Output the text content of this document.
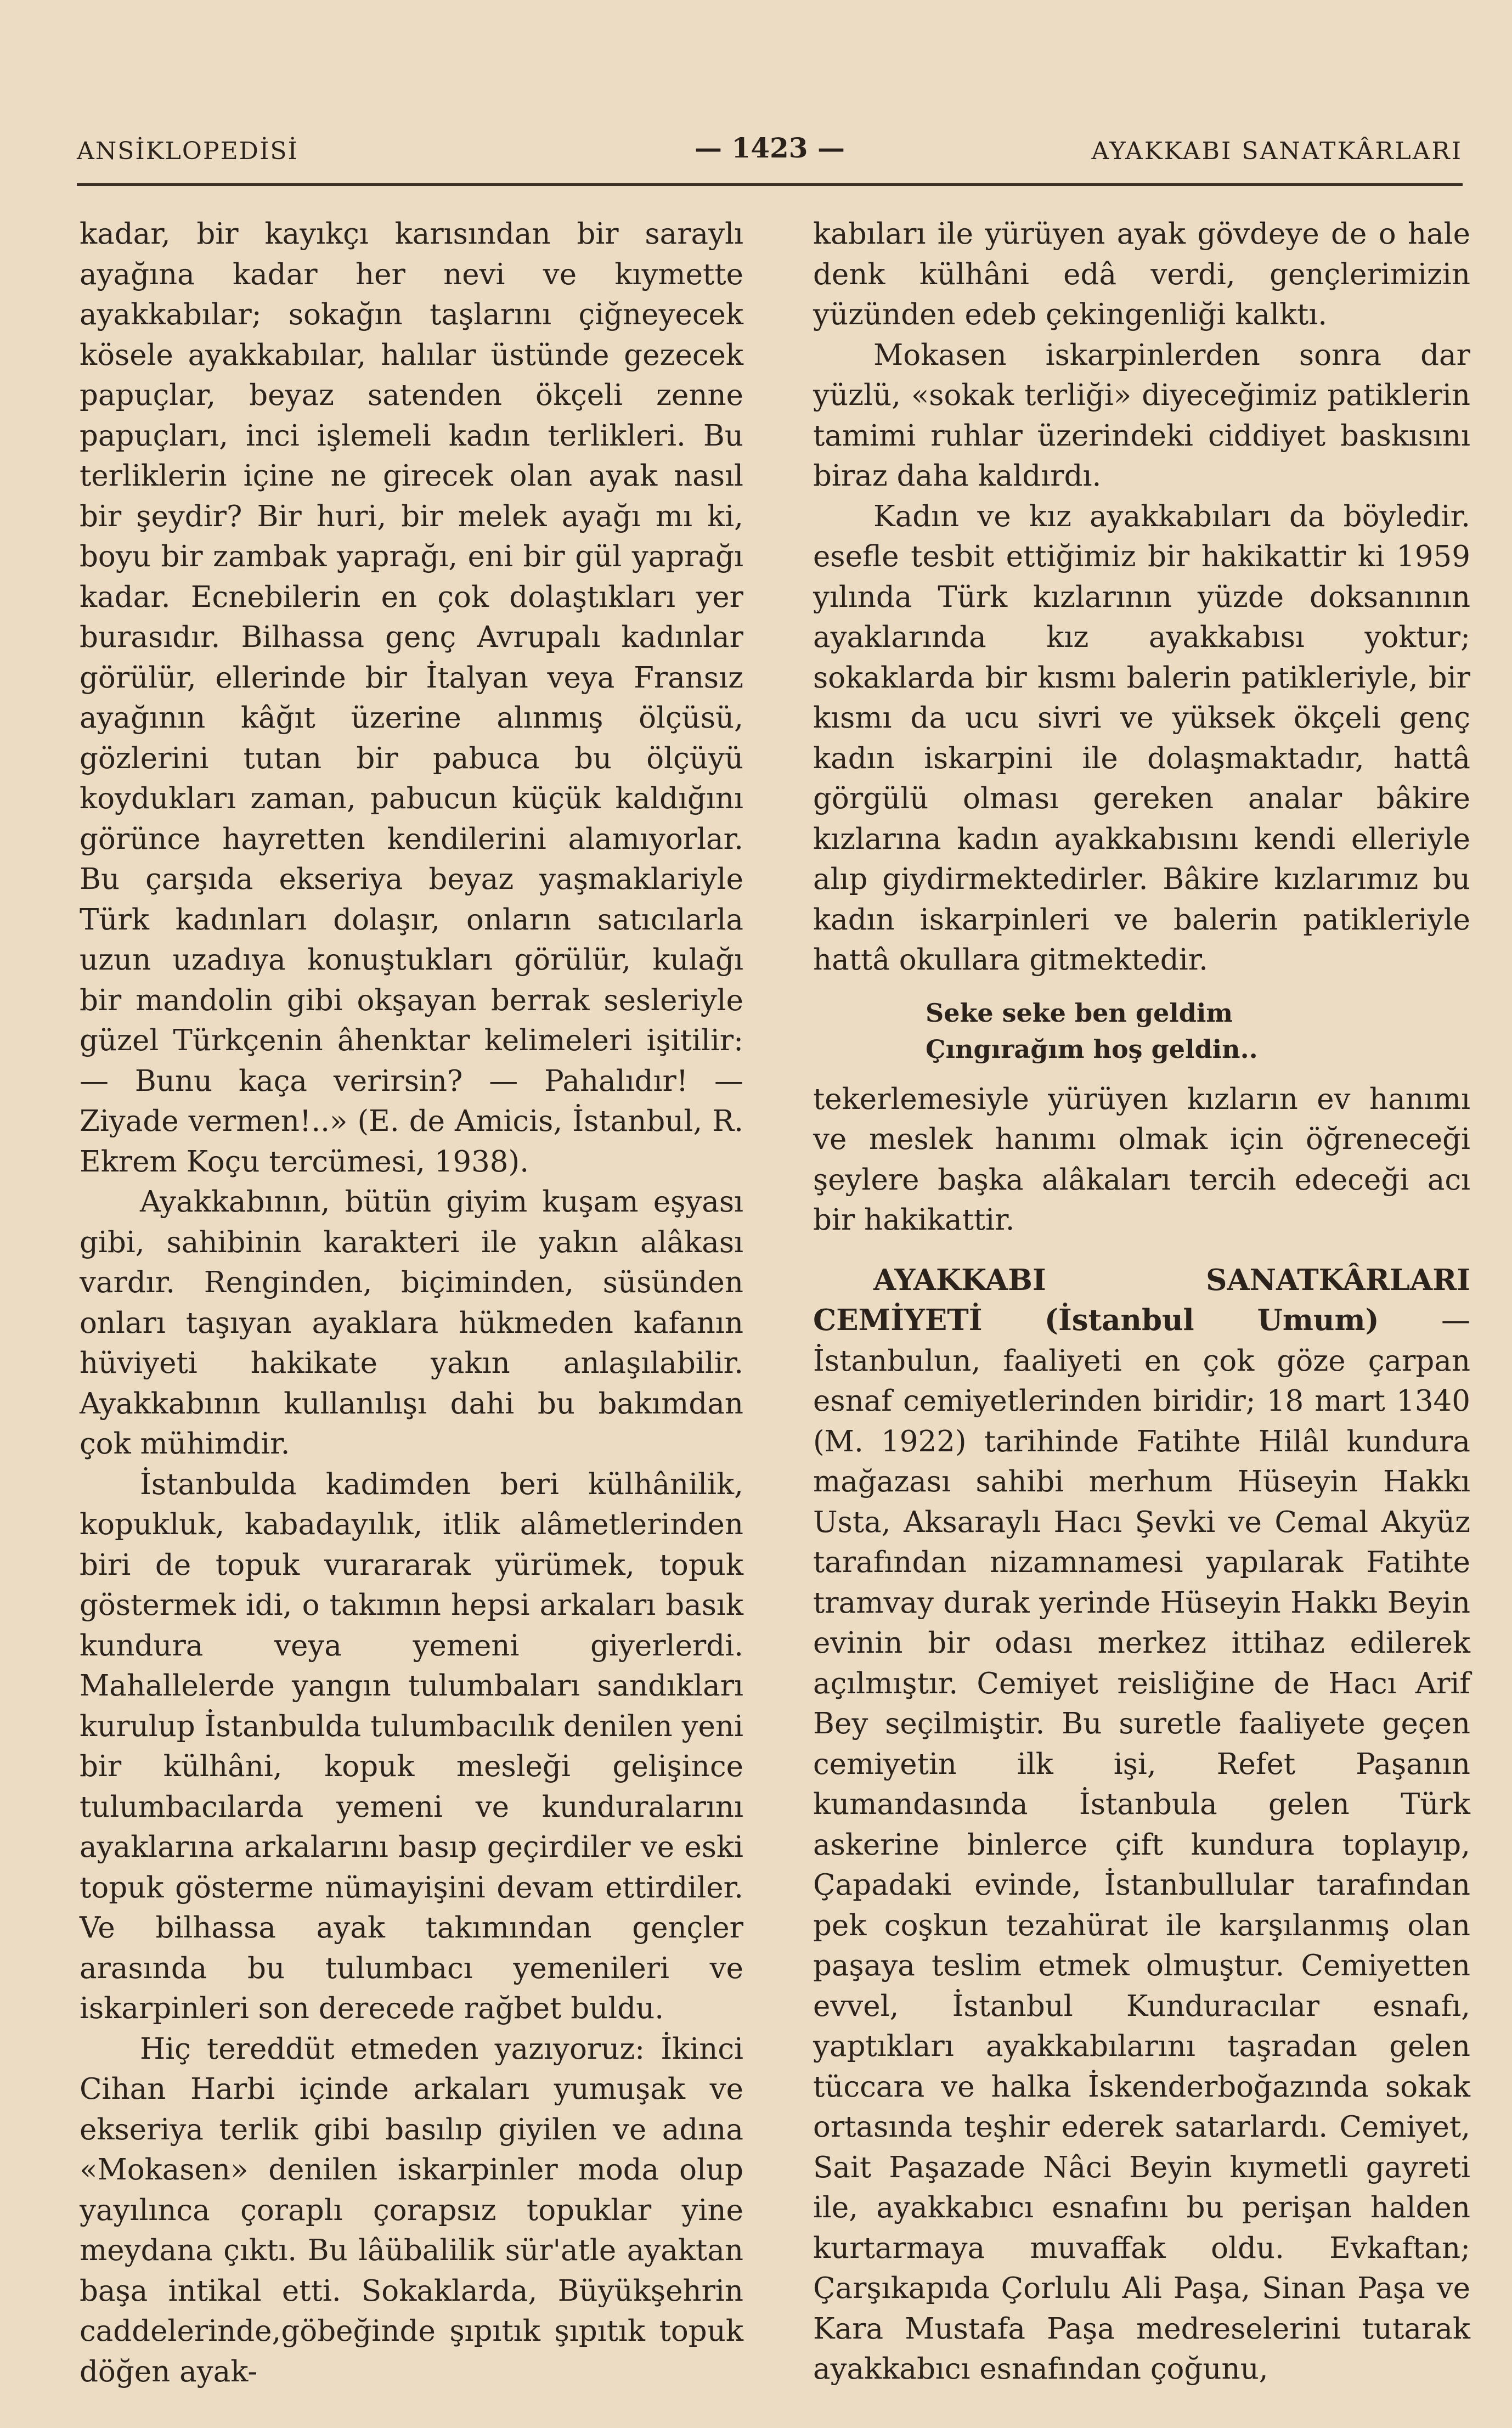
ANSİKLOPEDİSİ	— 1423 —	AYAKKABI SANATKÂRLARI

kadar, bir kayıkçı karısından bir saraylı ayağına kadar her nevi ve kıymette ayakkabılar; sokağın taşlarını çiğneyecek kösele ayakkabılar, halılar üstünde gezecek papuçlar, beyaz satenden ökçeli zenne papuçları, inci işlemeli kadın terlikleri. Bu terliklerin içine ne girecek olan ayak nasıl bir şeydir? Bir huri, bir melek ayağı mı ki, boyu bir zambak yaprağı, eni bir gül yaprağı kadar. Ecnebilerin en çok dolaştıkları yer burasıdır. Bilhassa genç Avrupalı kadınlar görülür, ellerinde bir İtalyan veya Fransız ayağının kâğıt üzerine alınmış ölçüsü, gözlerini tutan bir pabuca bu ölçüyü koydukları zaman, pabucun küçük kaldığını görünce hayretten kendilerini alamıyorlar. Bu çarşıda ekseriya beyaz yaşmaklariyle Türk kadınları dolaşır, onların satıcılarla uzun uzadıya konuştukları görülür, kulağı bir mandolin gibi okşayan berrak sesleriyle güzel Türkçenin âhenktar kelimeleri işitilir: — Bunu kaça verirsin? — Pahalıdır! — Ziyade vermen!..» (E. de Amicis, İstanbul, R. Ekrem Koçu tercümesi, 1938).

Ayakkabının, bütün giyim kuşam eşyası gibi, sahibinin karakteri ile yakın alâkası vardır. Renginden, biçiminden, süsünden onları taşıyan ayaklara hükmeden kafanın hüviyeti hakikate yakın anlaşılabilir. Ayakkabının kullanılışı dahi bu bakımdan çok mühimdir.

İstanbulda kadimden beri külhânilik, kopukluk, kabadayılık, itlik alâmetlerinden biri de topuk vurararak yürümek, topuk göstermek idi, o takımın hepsi arkaları basık kundura veya yemeni giyerlerdi. Mahallelerde yangın tulumbaları sandıkları kurulup İstanbulda tulumbacılık denilen yeni bir külhâni, kopuk mesleği gelişince tulumbacılarda yemeni ve kunduralarını ayaklarına arkalarını basıp geçirdiler ve eski topuk gösterme nümayişini devam ettirdiler. Ve bilhassa ayak takımından gençler arasında bu tulumbacı yemenileri ve iskarpinleri son derecede rağbet buldu.

Hiç tereddüt etmeden yazıyoruz: İkinci Cihan Harbi içinde arkaları yumuşak ve ekseriya terlik gibi basılıp giyilen ve adına «Mokasen» denilen iskarpinler moda olup yayılınca çoraplı çorapsız topuklar yine meydana çıktı. Bu lâübalilik sür'atle ayaktan başa intikal etti. Sokaklarda, Büyükşehrin caddelerinde,göbeğinde şıpıtık şıpıtık topuk döğen ayak-

kabıları ile yürüyen ayak gövdeye de o hale denk külhâni edâ verdi, gençlerimizin yüzünden edeb çekingenliği kalktı.

Mokasen iskarpinlerden sonra dar yüzlü, «sokak terliği» diyeceğimiz patiklerin tamimi ruhlar üzerindeki ciddiyet baskısını biraz daha kaldırdı.

Kadın ve kız ayakkabıları da böyledir. esefle tesbit ettiğimiz bir hakikattir ki 1959 yılında Türk kızlarının yüzde doksanının ayaklarında kız ayakkabısı yoktur; sokaklarda bir kısmı balerin patikleriyle, bir kısmı da ucu sivri ve yüksek ökçeli genç kadın iskarpini ile dolaşmaktadır, hattâ görgülü olması gereken analar bâkire kızlarına kadın ayakkabısını kendi elleriyle alıp giydirmektedirler. Bâkire kızlarımız bu kadın iskarpinleri ve balerin patikleriyle hattâ okullara gitmektedir.

Seke seke ben geldim
Çıngırağım hoş geldin..

tekerlemesiyle yürüyen kızların ev hanımı ve meslek hanımı olmak için öğreneceği şeylere başka alâkaları tercih edeceği acı bir hakikattir.

AYAKKABI SANATKÂRLARI CEMİYETİ (İstanbul Umum) — İstanbulun, faaliyeti en çok göze çarpan esnaf cemiyetlerinden biridir; 18 mart 1340 (M. 1922) tarihinde Fatihte Hilâl kundura mağazası sahibi merhum Hüseyin Hakkı Usta, Aksaraylı Hacı Şevki ve Cemal Akyüz tarafından nizamnamesi yapılarak Fatihte tramvay durak yerinde Hüseyin Hakkı Beyin evinin bir odası merkez ittihaz edilerek açılmıştır. Cemiyet reisliğine de Hacı Arif Bey seçilmiştir. Bu suretle faaliyete geçen cemiyetin ilk işi, Refet Paşanın kumandasında İstanbula gelen Türk askerine binlerce çift kundura toplayıp, Çapadaki evinde, İstanbullular tarafından pek coşkun tezahürat ile karşılanmış olan paşaya teslim etmek olmuştur. Cemiyetten evvel, İstanbul Kunduracılar esnafı, yaptıkları ayakkabılarını taşradan gelen tüccara ve halka İskenderboğazında sokak ortasında teşhir ederek satarlardı. Cemiyet, Sait Paşazade Nâci Beyin kıymetli gayreti ile, ayakkabıcı esnafını bu perişan halden kurtarmaya muvaffak oldu. Evkaftan; Çarşıkapıda Çorlulu Ali Paşa, Sinan Paşa ve Kara Mustafa Paşa medreselerini tutarak ayakkabıcı esnafından çoğunu,
